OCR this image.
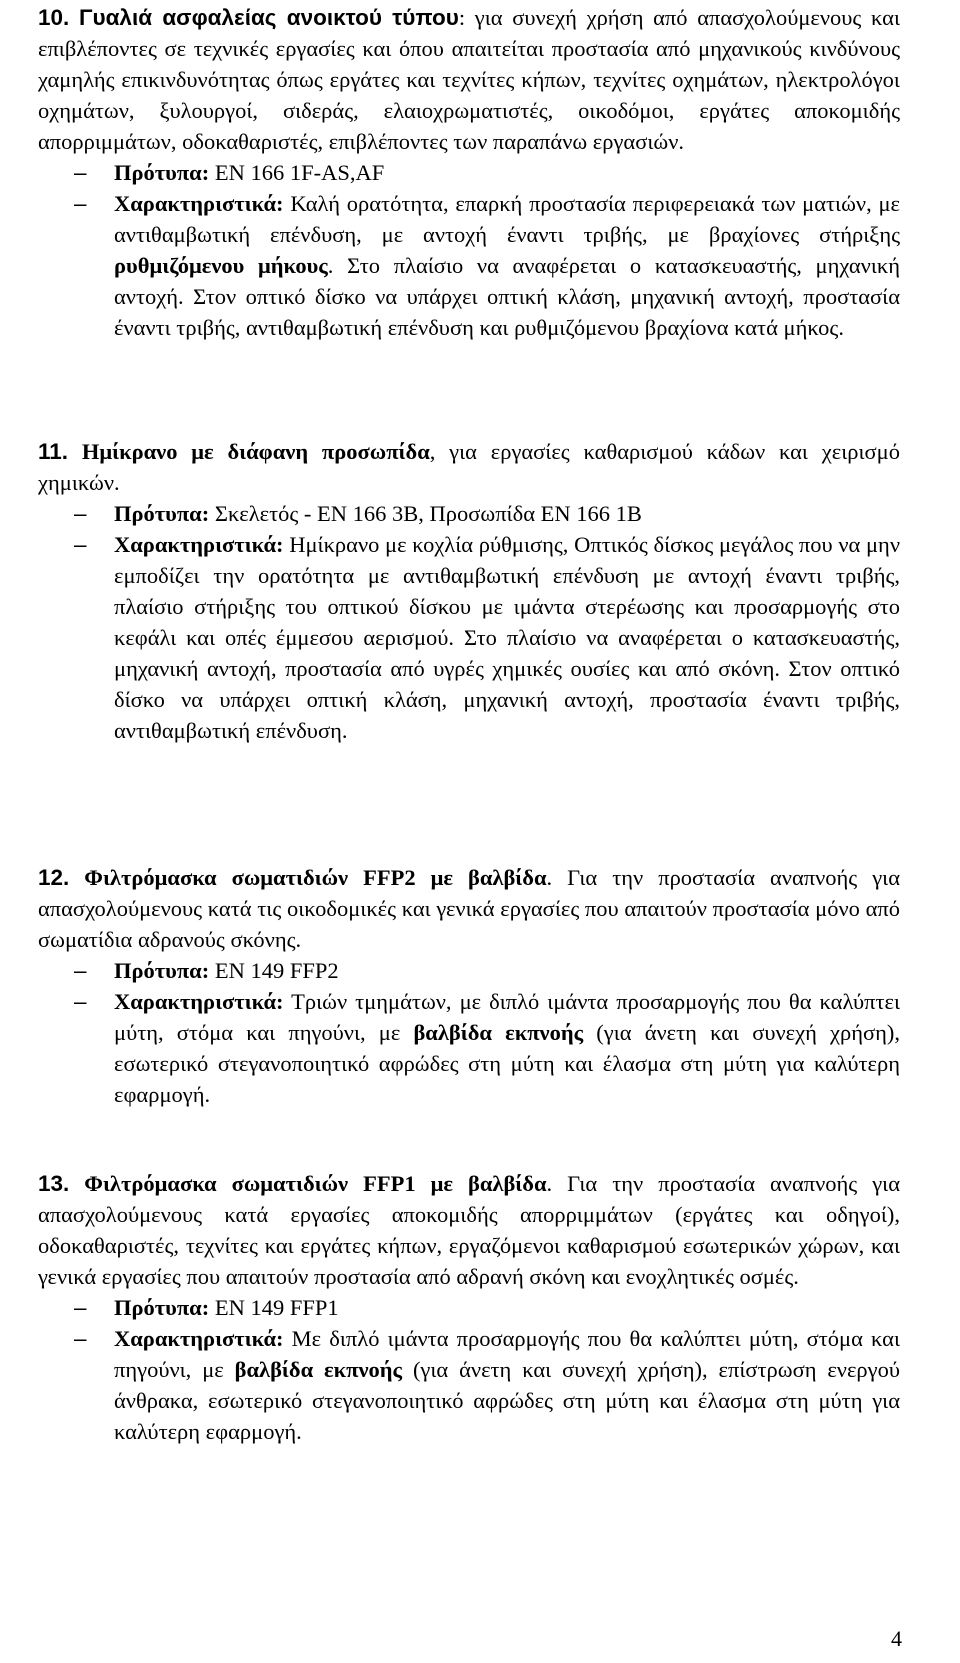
10. Γυαλιά ασφαλείας ανοικτού τύπου: για συνεχή χρήση από απασχολούμενους και επιβλέποντες σε τεχνικές εργασίες και όπου απαιτείται προστασία από μηχανικούς κινδύνους χαμηλής επικινδυνότητας όπως εργάτες και τεχνίτες κήπων, τεχνίτες οχημάτων, ηλεκτρολόγοι οχημάτων, ξυλουργοί, σιδεράς, ελαιοχρωματιστές, οικοδόμοι, εργάτες αποκομιδής απορριμμάτων, οδοκαθαριστές, επιβλέποντες των παραπάνω εργασιών.

– Πρότυπα: EN 166 1F-AS,AF
– Χαρακτηριστικά: Καλή ορατότητα, επαρκή προστασία περιφερειακά των ματιών, με αντιθαμβωτική επένδυση, με αντοχή έναντι τριβής, με βραχίονες στήριξης ρυθμιζόμενου μήκους. Στο πλαίσιο να αναφέρεται ο κατασκευαστής, μηχανική αντοχή. Στον οπτικό δίσκο να υπάρχει οπτική κλάση, μηχανική αντοχή, προστασία έναντι τριβής, αντιθαμβωτική επένδυση και ρυθμιζόμενου βραχίονα κατά μήκος.

11. Ημίκρανο με διάφανη προσωπίδα, για εργασίες καθαρισμού κάδων και χειρισμό χημικών.

– Πρότυπα: Σκελετός - EN 166 3B, Προσωπίδα EN 166 1B
– Χαρακτηριστικά: Ημίκρανο με κοχλία ρύθμισης, Οπτικός δίσκος μεγάλος που να μην εμποδίζει την ορατότητα με αντιθαμβωτική επένδυση με αντοχή έναντι τριβής, πλαίσιο στήριξης του οπτικού δίσκου με ιμάντα στερέωσης και προσαρμογής στο κεφάλι και οπές έμμεσου αερισμού. Στο πλαίσιο να αναφέρεται ο κατασκευαστής, μηχανική αντοχή, προστασία από υγρές χημικές ουσίες και από σκόνη. Στον οπτικό δίσκο να υπάρχει οπτική κλάση, μηχανική αντοχή, προστασία έναντι τριβής, αντιθαμβωτική επένδυση.

12. Φιλτρόμασκα σωματιδιών FFP2 με βαλβίδα. Για την προστασία αναπνοής για απασχολούμενους κατά τις οικοδομικές και γενικά εργασίες που απαιτούν προστασία μόνο από σωματίδια αδρανούς σκόνης.

– Πρότυπα: EN 149 FFP2
– Χαρακτηριστικά: Τριών τμημάτων, με διπλό ιμάντα προσαρμογής που θα καλύπτει μύτη, στόμα και πηγούνι, με βαλβίδα εκπνοής (για άνετη και συνεχή χρήση), εσωτερικό στεγανοποιητικό αφρώδες στη μύτη και έλασμα στη μύτη για καλύτερη εφαρμογή.

13. Φιλτρόμασκα σωματιδιών FFP1 με βαλβίδα. Για την προστασία αναπνοής για απασχολούμενους κατά εργασίες αποκομιδής απορριμμάτων (εργάτες και οδηγοί), οδοκαθαριστές, τεχνίτες και εργάτες κήπων, εργαζόμενοι καθαρισμού εσωτερικών χώρων, και γενικά εργασίες που απαιτούν προστασία από αδρανή σκόνη και ενοχλητικές οσμές.

– Πρότυπα: EN 149 FFP1
– Χαρακτηριστικά: Με διπλό ιμάντα προσαρμογής που θα καλύπτει μύτη, στόμα και πηγούνι, με βαλβίδα εκπνοής (για άνετη και συνεχή χρήση), επίστρωση ενεργού άνθρακα, εσωτερικό στεγανοποιητικό αφρώδες στη μύτη και έλασμα στη μύτη για καλύτερη εφαρμογή.
4
